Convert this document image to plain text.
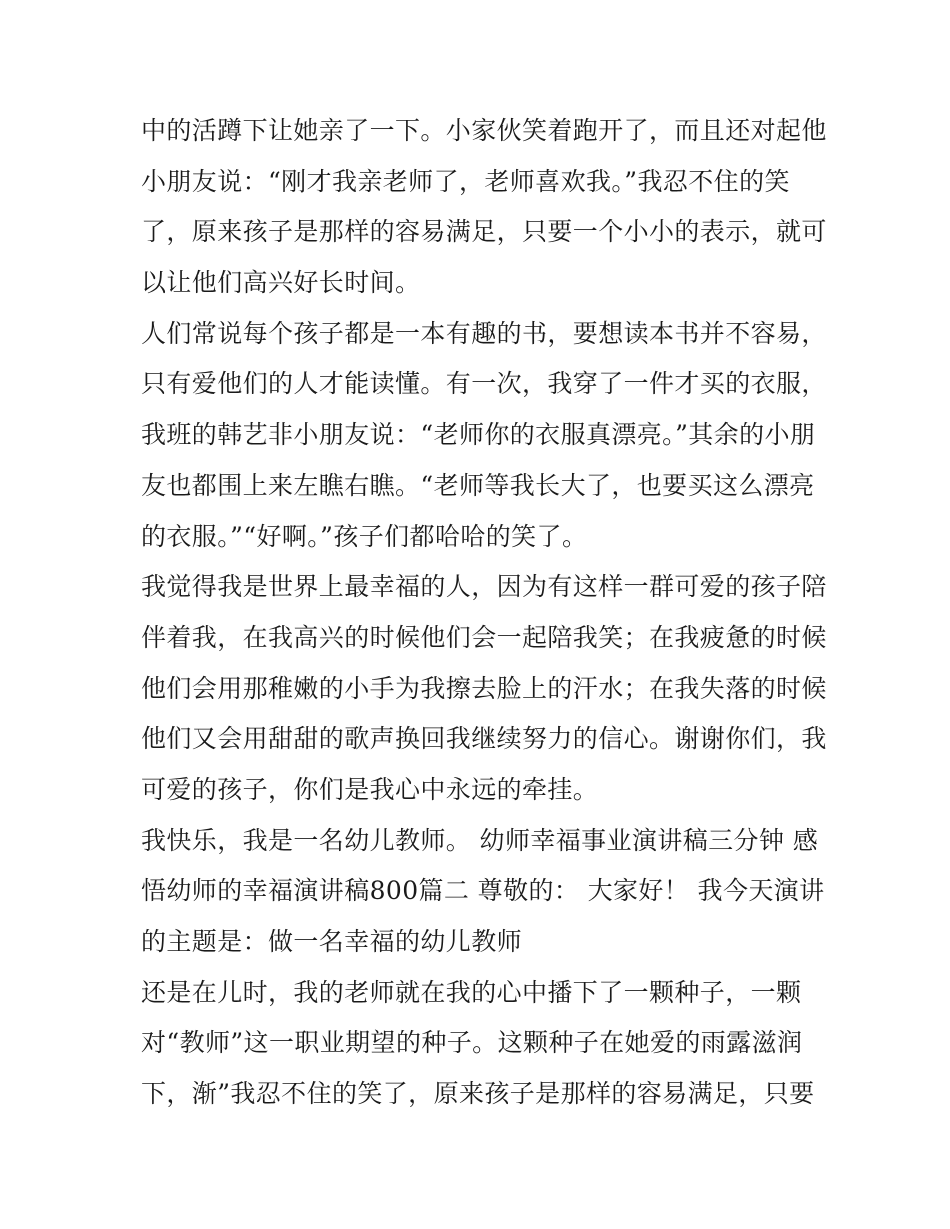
中的活蹲下让她亲了一下。小家伙笑着跑开了，而且还对起他
小朋友说：“刚才我亲老师了，老师喜欢我。”我忍不住的笑
了，原来孩子是那样的容易满足，只要一个小小的表示，就可
以让他们高兴好长时间。
人们常说每个孩子都是一本有趣的书，要想读本书并不容易，
只有爱他们的人才能读懂。有一次，我穿了一件才买的衣服，
我班的韩艺非小朋友说：“老师你的衣服真漂亮。”其余的小朋
友也都围上来左瞧右瞧。“老师等我长大了，也要买这么漂亮
的衣服。”“好啊。”孩子们都哈哈的笑了。
我觉得我是世界上最幸福的人，因为有这样一群可爱的孩子陪
伴着我，在我高兴的时候他们会一起陪我笑；在我疲惫的时候
他们会用那稚嫩的小手为我擦去脸上的汗水；在我失落的时候
他们又会用甜甜的歌声换回我继续努力的信心。谢谢你们，我
可爱的孩子，你们是我心中永远的牵挂。
我快乐，我是一名幼儿教师。 幼师幸福事业演讲稿三分钟 感
悟幼师的幸福演讲稿800篇二 尊敬的： 大家好！ 我今天演讲
的主题是：做一名幸福的幼儿教师
还是在儿时，我的老师就在我的心中播下了一颗种子，一颗
对“教师”这一职业期望的种子。这颗种子在她爱的雨露滋润
下，渐”我忍不住的笑了，原来孩子是那样的容易满足，只要
